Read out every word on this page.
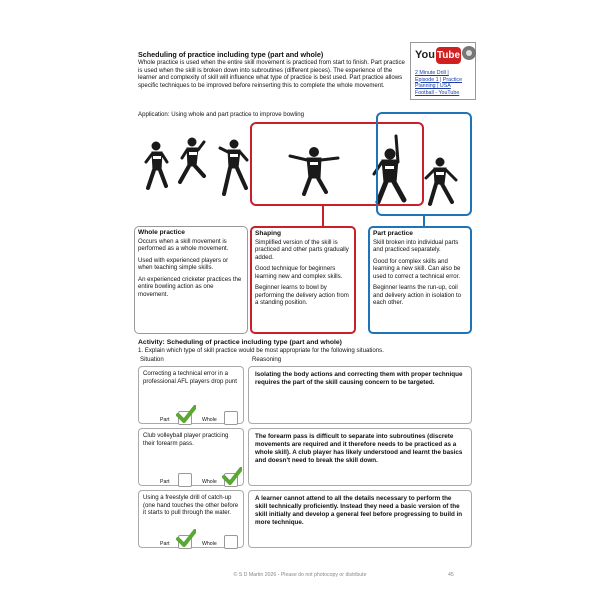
Scheduling of practice including type (part and whole)

Whole practice is used when the entire skill movement is practiced from start to finish. Part practice is used when the skill is broken down into subroutines (different pieces). The experience of the learner and complexity of skill will influence what type of practice is best used. Part practice allows specific techniques to be improved before reinserting this to complete the whole movement.

You Tube
2 Minute Drill |
Episode 1 | Practice
Planning | USA
Football - YouTube
Application: Using whole and part practice to improve bowling
Whole practice

Occurs when a skill movement is performed as a whole movement.

Used with experienced players or when teaching simple skills.

An experienced cricketer practices the entire bowling action as one movement.

Shaping

Simplified version of the skill is practiced and other parts gradually added.

Good technique for beginners learning new and complex skills.

Beginner learns to bowl by performing the delivery action from a standing position.

Part practice

Skill broken into individual parts and practiced separately.

Good for complex skills and learning a new skill. Can also be used to correct a technical error.

Beginner learns the run-up, coil and delivery action in isolation to each other.

Activity: Scheduling of practice including type (part and whole)
1. Explain which type of skill practice would be most appropriate for the following situations.
Situation	Reasoning
Correcting a technical error in a professional AFL players drop punt
Part	Whole
Isolating the body actions and correcting them with proper technique requires the part of the skill causing concern to be targeted.
Club volleyball player practicing their forearm pass.
Part	Whole
The forearm pass is difficult to separate into subroutines (discrete movements are required and it therefore needs to be practiced as a whole skill). A club player has likely understood and learnt the basics and doesn't need to break the skill down.
Using a freestyle drill of catch-up (one hand touches the other before it starts to pull through the water.
Part	Whole
A learner cannot attend to all the details necessary to perform the skill technically proficiently. Instead they need a basic version of the skill initially and develop a general feel before progressing to build in more technique.
© S D Martin 2026 - Please do not photocopy or distribute	45
